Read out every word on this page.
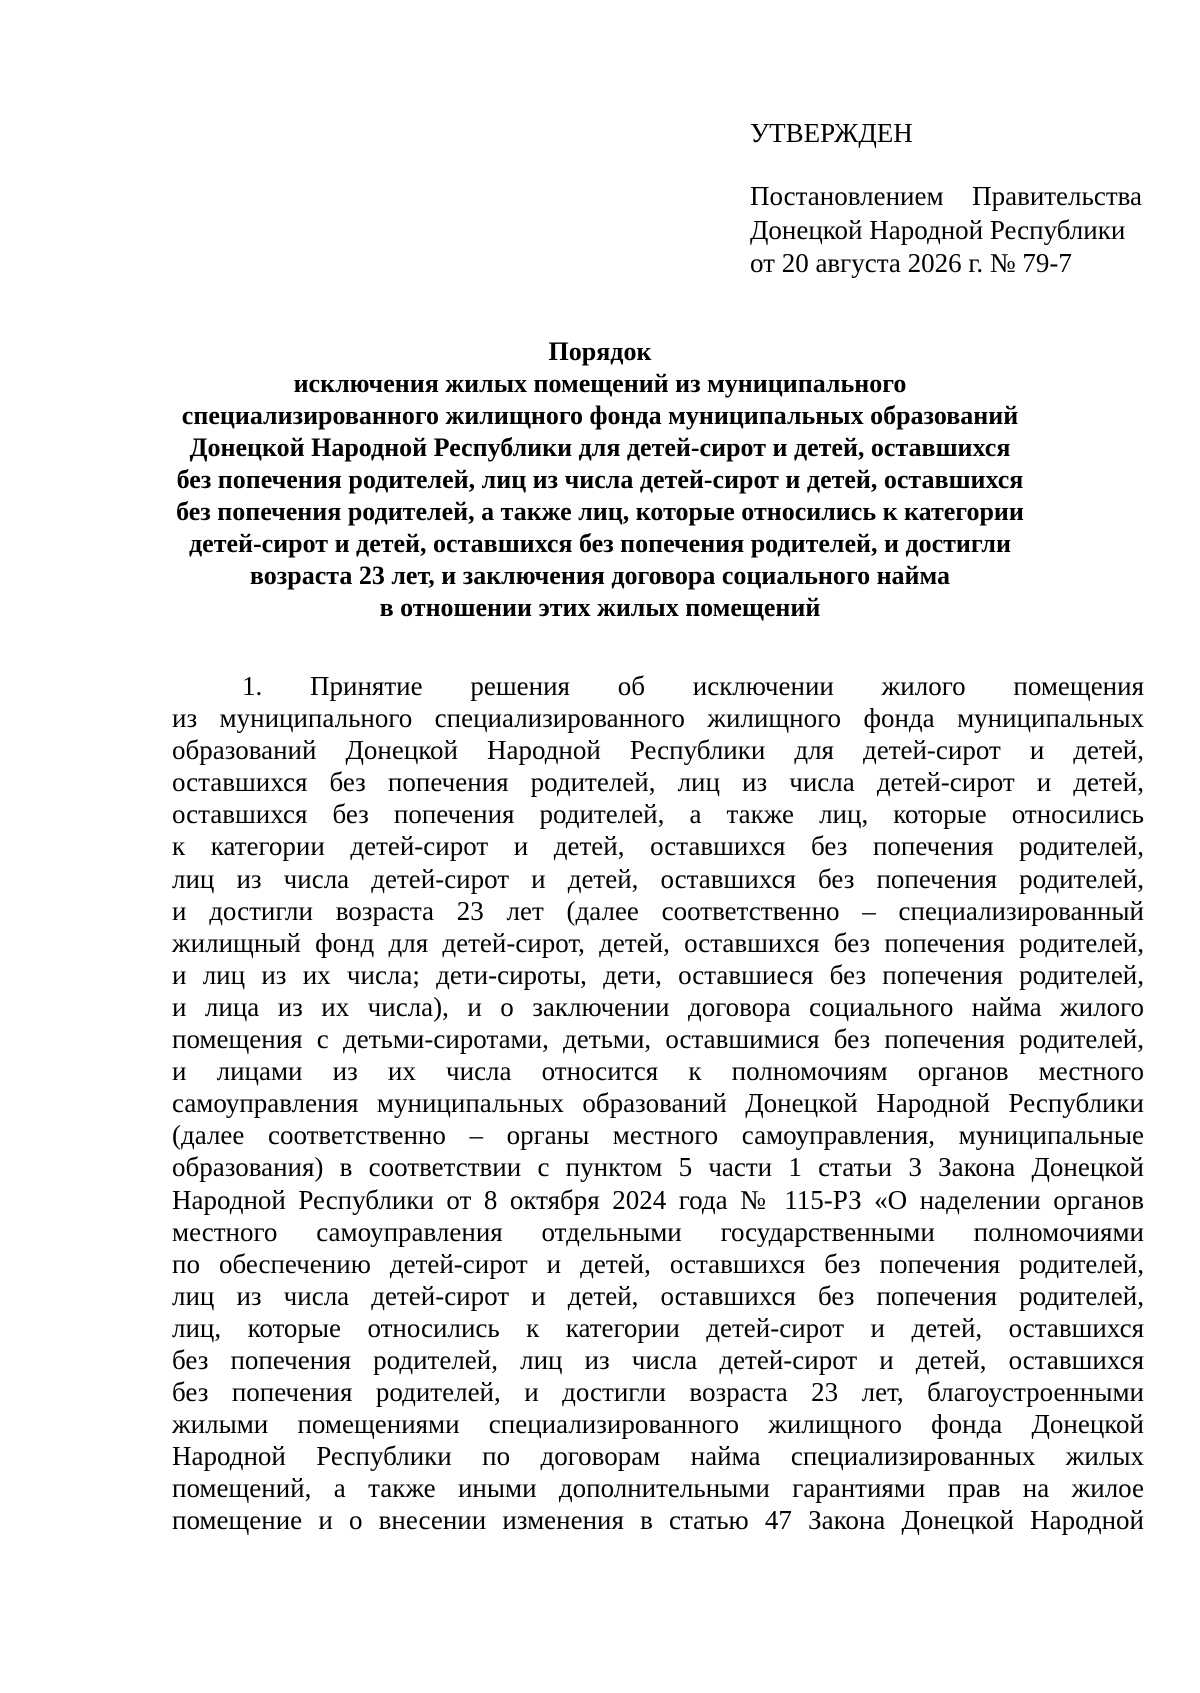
УТВЕРЖДЕН
Постановлением Правительства
Донецкой Народной Республики
от 20 августа 2026 г. № 79-7
Порядок
исключения жилых помещений из муниципального
специализированного жилищного фонда муниципальных образований
Донецкой Народной Республики для детей-сирот и детей, оставшихся
без попечения родителей, лиц из числа детей-сирот и детей, оставшихся
без попечения родителей, а также лиц, которые относились к категории
детей-сирот и детей, оставшихся без попечения родителей, и достигли
возраста 23 лет, и заключения договора социального найма
в отношении этих жилых помещений
1. Принятие решения об исключении жилого помещения
из муниципального специализированного жилищного фонда муниципальных
образований Донецкой Народной Республики для детей-сирот и детей,
оставшихся без попечения родителей, лиц из числа детей-сирот и детей,
оставшихся без попечения родителей, а также лиц, которые относились
к категории детей-сирот и детей, оставшихся без попечения родителей,
лиц из числа детей-сирот и детей, оставшихся без попечения родителей,
и достигли возраста 23 лет (далее соответственно – специализированный
жилищный фонд для детей-сирот, детей, оставшихся без попечения родителей,
и лиц из их числа; дети-сироты, дети, оставшиеся без попечения родителей,
и лица из их числа), и о заключении договора социального найма жилого
помещения с детьми-сиротами, детьми, оставшимися без попечения родителей,
и лицами из их числа относится к полномочиям органов местного
самоуправления муниципальных образований Донецкой Народной Республики
(далее соответственно – органы местного самоуправления, муниципальные
образования) в соответствии с пунктом 5 части 1 статьи 3 Закона Донецкой
Народной Республики от 8 октября 2024 года № 115-РЗ «О наделении органов
местного самоуправления отдельными государственными полномочиями
по обеспечению детей-сирот и детей, оставшихся без попечения родителей,
лиц из числа детей-сирот и детей, оставшихся без попечения родителей,
лиц, которые относились к категории детей-сирот и детей, оставшихся
без попечения родителей, лиц из числа детей-сирот и детей, оставшихся
без попечения родителей, и достигли возраста 23 лет, благоустроенными
жилыми помещениями специализированного жилищного фонда Донецкой
Народной Республики по договорам найма специализированных жилых
помещений, а также иными дополнительными гарантиями прав на жилое
помещение и о внесении изменения в статью 47 Закона Донецкой Народной
